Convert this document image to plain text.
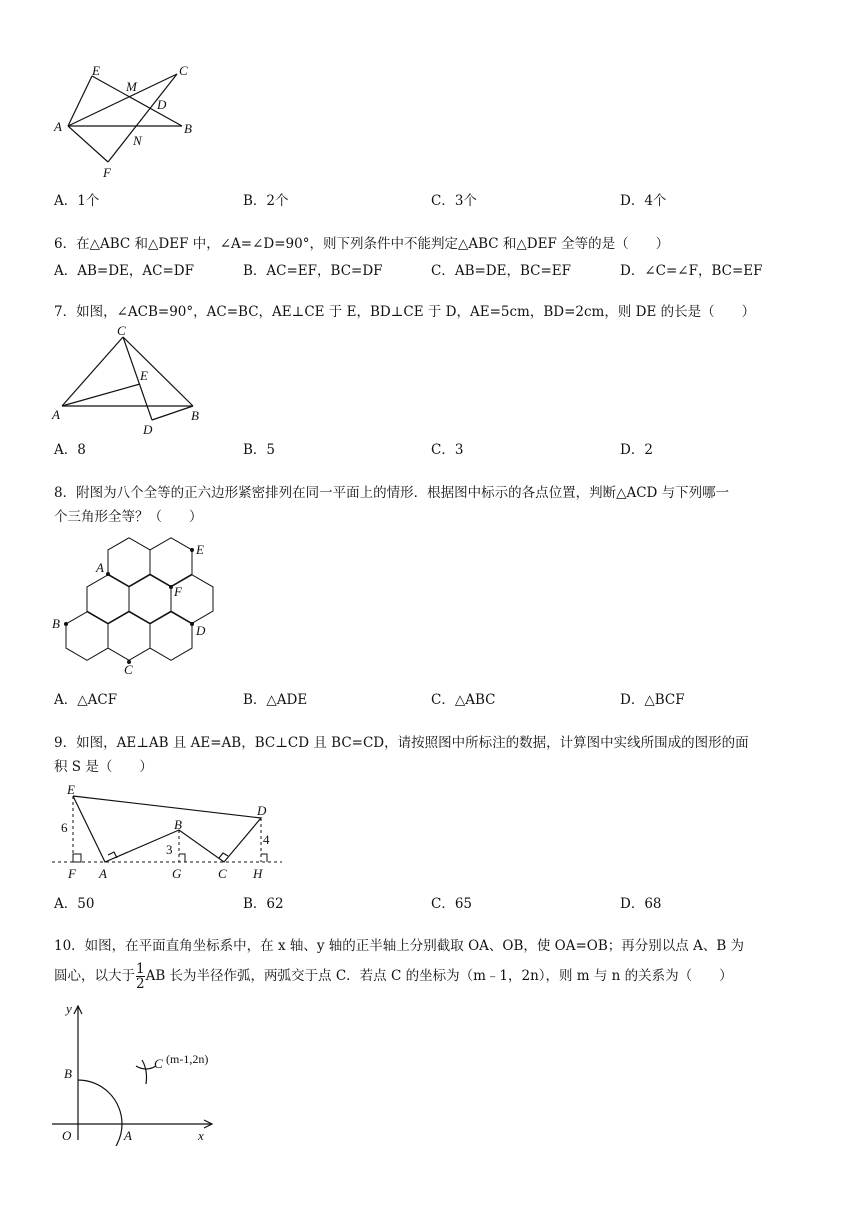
E
M
C
D
A	B
N
F
A．1个	B．2个	C．3个	D．4个
6．在△ABC 和△DEF 中，∠A=∠D=90°，则下列条件中不能判定△ABC 和△DEF 全等的是（　　）
A．AB=DE，AC=DF	B．AC=EF，BC=DF	C．AB=DE，BC=EF	D．∠C=∠F，BC=EF
7．如图，∠ACB=90°，AC=BC，AE⊥CE 于 E，BD⊥CE 于 D，AE=5cm，BD=2cm，则 DE 的长是（　　）
C
E
A	B
D
A．8	B．5	C．3	D．2
8．附图为八个全等的正六边形紧密排列在同一平面上的情形．根据图中标示的各点位置，判断△ACD 与下列哪一
个三角形全等？（　　）
A
E
F
B	D
C
A．△ACF	B．△ADE	C．△ABC	D．△BCF
9．如图，AE⊥AB 且 AE=AB，BC⊥CD 且 BC=CD，请按照图中所标注的数据，计算图中实线所围成的图形的面
积 S 是（　　）
E
D
B
6
3
4
F A	G	C H
A．50	B．62	C．65	D．68
10．如图，在平面直角坐标系中，在 x 轴、y 轴的正半轴上分别截取 OA、OB，使 OA=OB；再分别以点 A、B 为
圆心，以大于 $\frac{1}{2}$ AB 长为半径作弧，两弧交于点 C．若点 C 的坐标为（m﹣1，2n），则 m 与 n 的关系为（　　）
y
B
O	A	x
C (m-1,2n)
